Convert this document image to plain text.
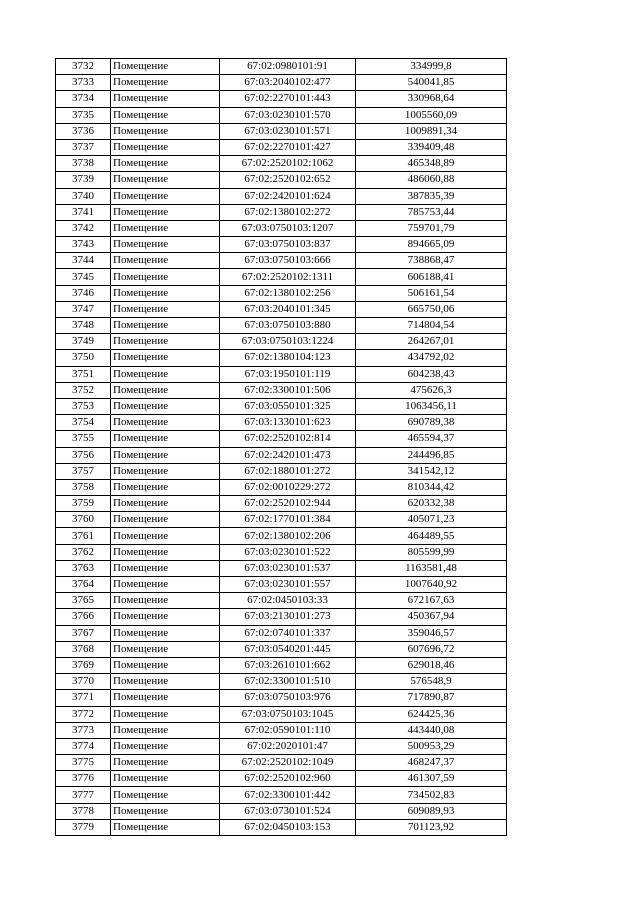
3732	Помещение	67:02:0980101:91	334999,8
3733	Помещение	67:03:2040102:477	540041,85
3734	Помещение	67:02:2270101:443	330968,64
3735	Помещение	67:03:0230101:570	1005560,09
3736	Помещение	67:03:0230101:571	1009891,34
3737	Помещение	67:02:2270101:427	339409,48
3738	Помещение	67:02:2520102:1062	465348,89
3739	Помещение	67:02:2520102:652	486060,88
3740	Помещение	67:02:2420101:624	387835,39
3741	Помещение	67:02:1380102:272	785753,44
3742	Помещение	67:03:0750103:1207	759701,79
3743	Помещение	67:03:0750103:837	894665,09
3744	Помещение	67:03:0750103:666	738868,47
3745	Помещение	67:02:2520102:1311	606188,41
3746	Помещение	67:02:1380102:256	506161,54
3747	Помещение	67:03:2040101:345	665750,06
3748	Помещение	67:03:0750103:880	714804,54
3749	Помещение	67:03:0750103:1224	264267,01
3750	Помещение	67:02:1380104:123	434792,02
3751	Помещение	67:03:1950101:119	604238,43
3752	Помещение	67:02:3300101:506	475626,3
3753	Помещение	67:03:0550101:325	1063456,11
3754	Помещение	67:03:1330101:623	690789,38
3755	Помещение	67:02:2520102:814	465594,37
3756	Помещение	67:02:2420101:473	244496,85
3757	Помещение	67:02:1880101:272	341542,12
3758	Помещение	67:02:0010229:272	810344,42
3759	Помещение	67:02:2520102:944	620332,38
3760	Помещение	67:02:1770101:384	405071,23
3761	Помещение	67:02:1380102:206	464489,55
3762	Помещение	67:03:0230101:522	805599,99
3763	Помещение	67:03:0230101:537	1163581,48
3764	Помещение	67:03:0230101:557	1007640,92
3765	Помещение	67:02:0450103:33	672167,63
3766	Помещение	67:03:2130101:273	450367,94
3767	Помещение	67:02:0740101:337	359046,57
3768	Помещение	67:03:0540201:445	607696,72
3769	Помещение	67:03:2610101:662	629018,46
3770	Помещение	67:02:3300101:510	576548,9
3771	Помещение	67:03:0750103:976	717890,87
3772	Помещение	67:03:0750103:1045	624425,36
3773	Помещение	67:02:0590101:110	443440,08
3774	Помещение	67:02:2020101:47	500953,29
3775	Помещение	67:02:2520102:1049	468247,37
3776	Помещение	67:02:2520102:960	461307,59
3777	Помещение	67:02:3300101:442	734502,83
3778	Помещение	67:03:0730101:524	609089,93
3779	Помещение	67:02:0450103:153	701123,92
